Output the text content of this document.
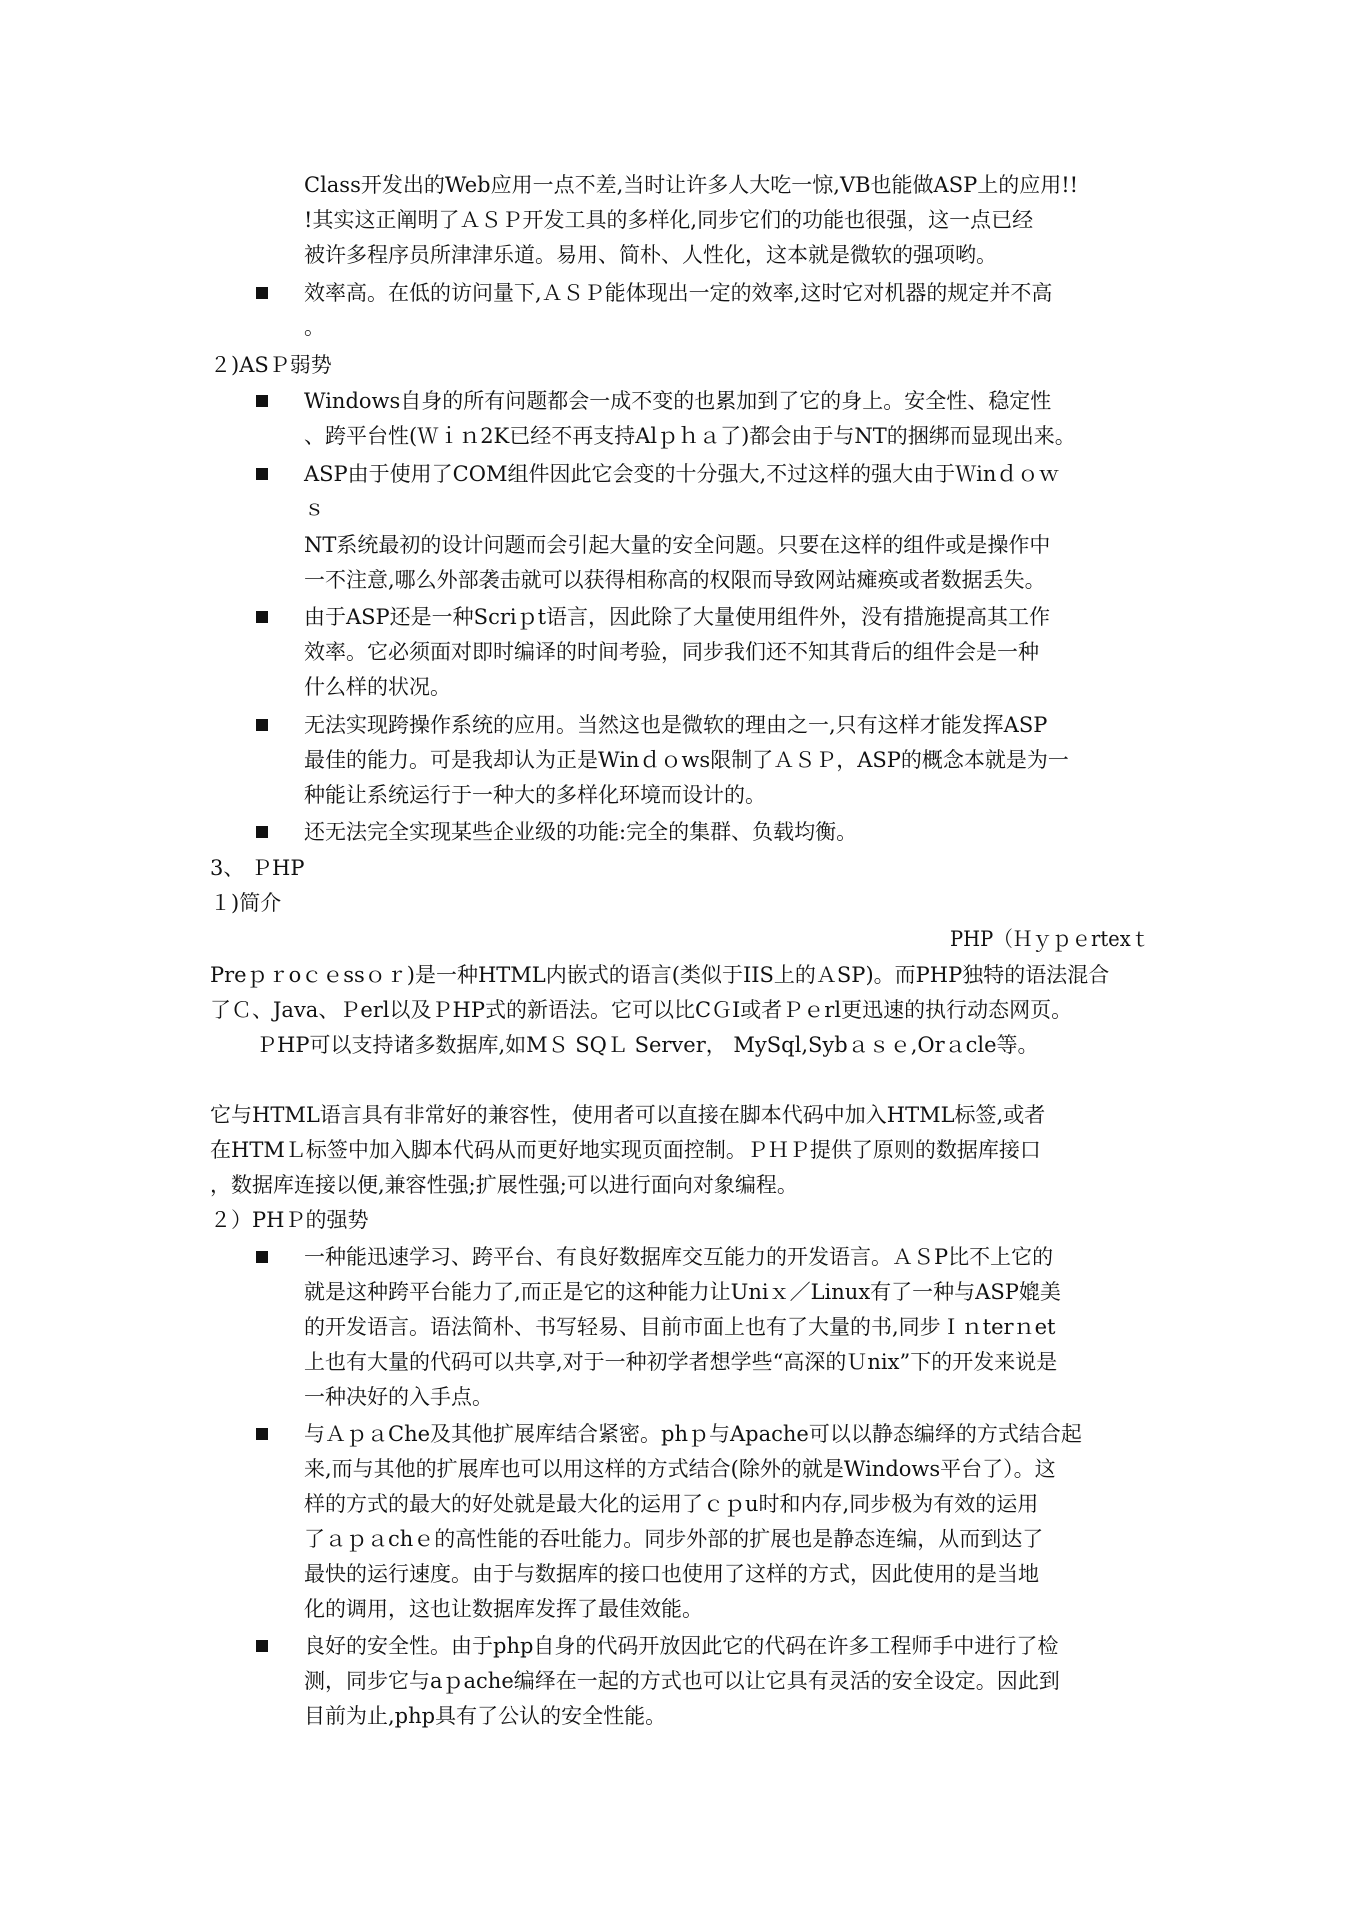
Class开发出的Web应用一点不差,当时让许多人大吃一惊,VB也能做ASP上的应用!!
!其实这正阐明了ＡＳＰ开发工具的多样化,同步它们的功能也很强，这一点已经
被许多程序员所津津乐道。易用、简朴、人性化，这本就是微软的强项哟。
效率高。在低的访问量下,ＡＳＰ能体现出一定的效率,这时它对机器的规定并不高
。
２)ASＰ弱势
Windows自身的所有问题都会一成不变的也累加到了它的身上。安全性、稳定性
、跨平台性(Ｗｉｎ2K已经不再支持Alｐｈａ了)都会由于与NT的捆绑而显现出来。
ASP由于使用了COM组件因此它会变的十分强大,不过这样的强大由于Ｗinｄｏｗ
ｓ
NT系统最初的设计问题而会引起大量的安全问题。只要在这样的组件或是操作中
一不注意,哪么外部袭击就可以获得相称高的权限而导致网站瘫痪或者数据丢失。
由于ASP还是一种Scriｐt语言，因此除了大量使用组件外，没有措施提高其工作
效率。它必须面对即时编译的时间考验，同步我们还不知其背后的组件会是一种
什么样的状况。
无法实现跨操作系统的应用。当然这也是微软的理由之一,只有这样才能发挥ASP
最佳的能力。可是我却认为正是Winｄｏws限制了ＡＳＰ，ASP的概念本就是为一
种能让系统运行于一种大的多样化环境而设计的。
还无法完全实现某些企业级的功能:完全的集群、负载均衡。
3、 ＰHP
１)简介
PHP（Ｈｙｐｅrtexｔ
Preｐｒoｃｅssｏｒ)是一种HTML内嵌式的语言(类似于IIS上的ＡSP)。而PHP独特的语法混合
了Ｃ、Java、Ｐerl以及ＰHP式的新语法。它可以比CＧI或者Ｐｅrl更迅速的执行动态网页。
ＰHP可以支持诸多数据库,如MＳ SQＬ Server， MySql,Sybａｓｅ,Orａcle等。
它与HTML语言具有非常好的兼容性，使用者可以直接在脚本代码中加入HTML标签,或者
在HTMＬ标签中加入脚本代码从而更好地实现页面控制。ＰＨＰ提供了原则的数据库接口
，数据库连接以便,兼容性强;扩展性强;可以进行面向对象编程。
２）PHＰ的强势
一种能迅速学习、跨平台、有良好数据库交互能力的开发语言。ＡＳP比不上它的
就是这种跨平台能力了,而正是它的这种能力让Uniｘ／Linux有了一种与ASP媲美
的开发语言。语法简朴、书写轻易、目前市面上也有了大量的书,同步Ｉｎterｎet
上也有大量的代码可以共享,对于一种初学者想学些“高深的Ｕnix”下的开发来说是
一种决好的入手点。
与ＡｐａChe及其他扩展库结合紧密。phｐ与Apache可以以静态编绎的方式结合起
来,而与其他的扩展库也可以用这样的方式结合(除外的就是Windows平台了）。这
样的方式的最大的好处就是最大化的运用了ｃｐu时和内存,同步极为有效的运用
了ａｐａchｅ的高性能的吞吐能力。同步外部的扩展也是静态连编，从而到达了
最快的运行速度。由于与数据库的接口也使用了这样的方式，因此使用的是当地
化的调用，这也让数据库发挥了最佳效能。
良好的安全性。由于php自身的代码开放因此它的代码在许多工程师手中进行了检
测，同步它与aｐache编绎在一起的方式也可以让它具有灵活的安全设定。因此到
目前为止,php具有了公认的安全性能。
